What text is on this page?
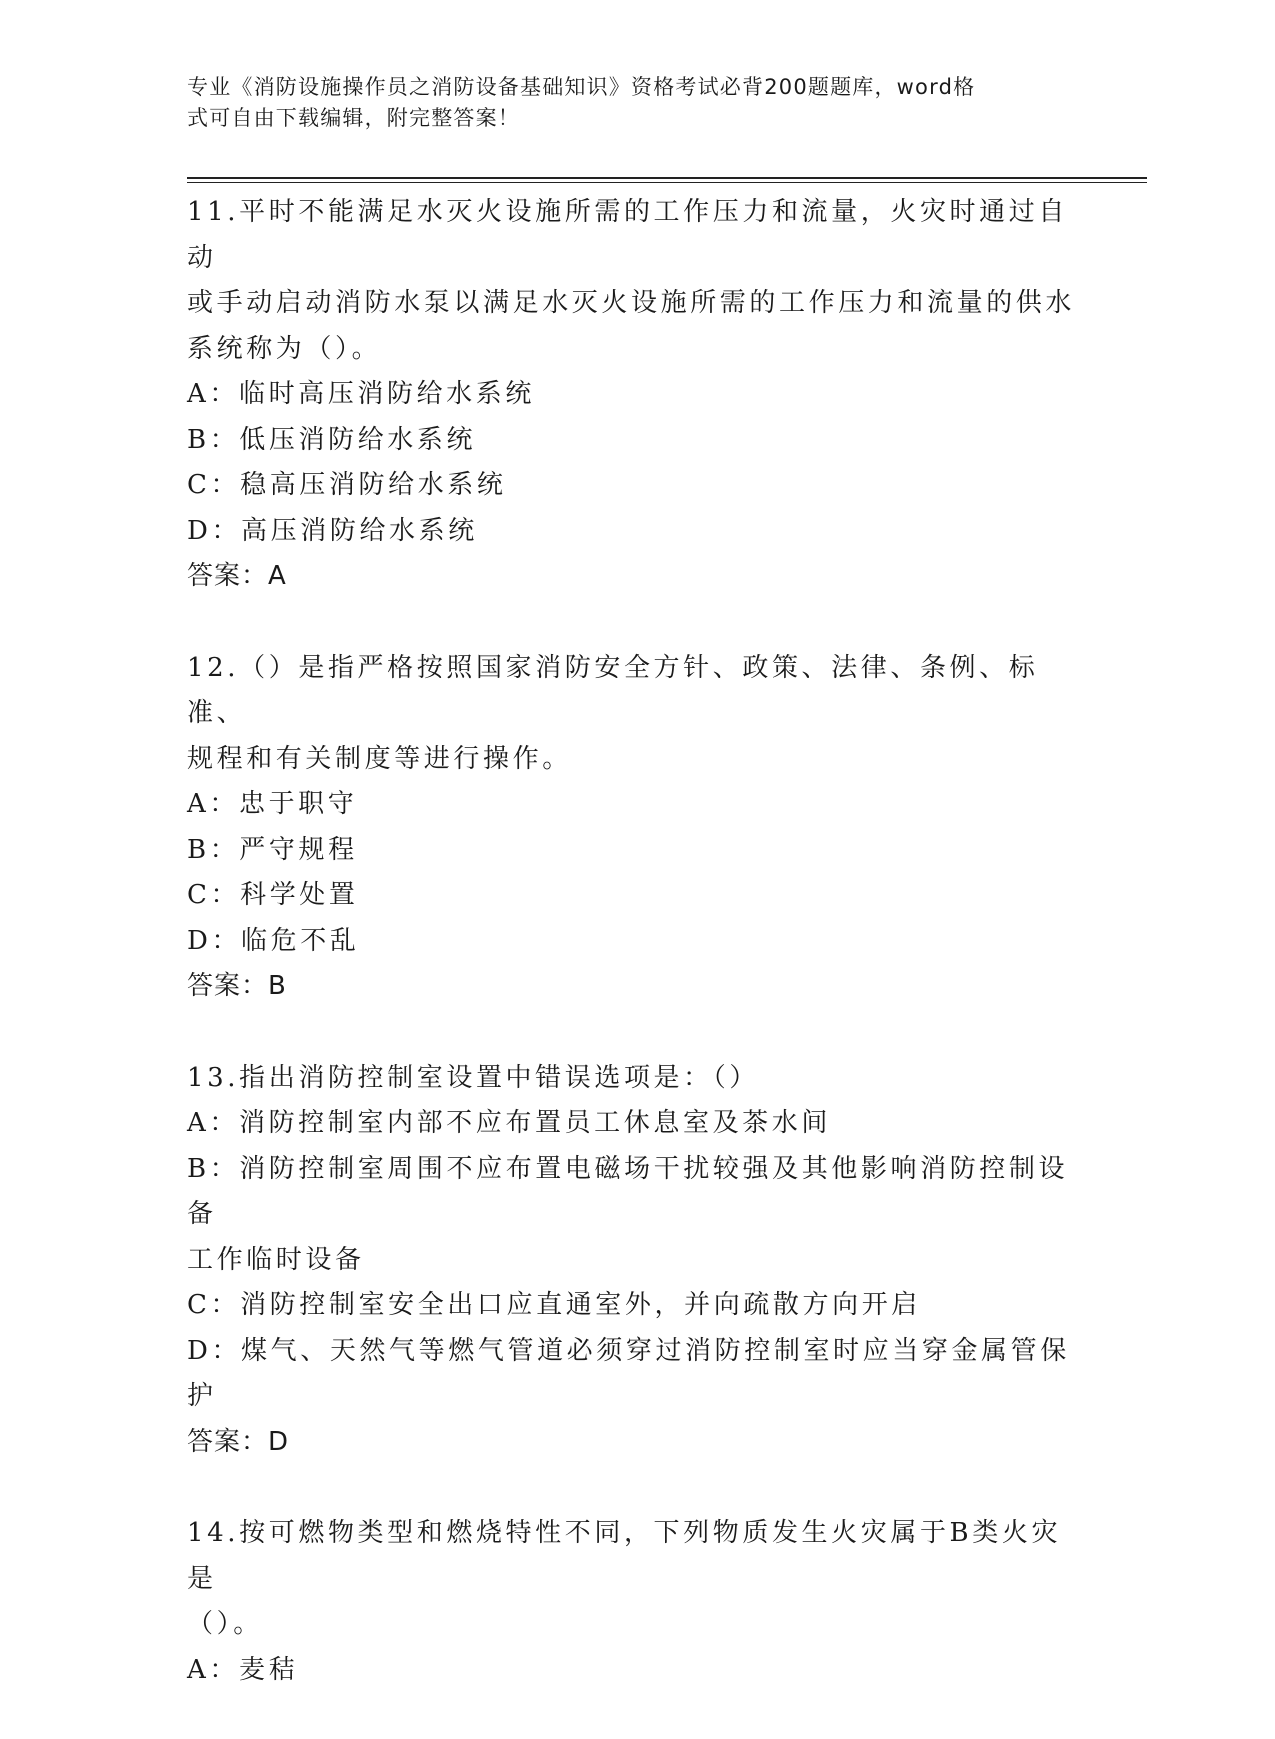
专业《消防设施操作员之消防设备基础知识》资格考试必背200题题库，word格
式可自由下载编辑，附完整答案！
11.平时不能满足水灭火设施所需的工作压力和流量，火灾时通过自动
或手动启动消防水泵以满足水灭火设施所需的工作压力和流量的供水
系统称为（）。
A：临时高压消防给水系统
B：低压消防给水系统
C：稳高压消防给水系统
D：高压消防给水系统
答案：A
12.（）是指严格按照国家消防安全方针、政策、法律、条例、标准、
规程和有关制度等进行操作。
A：忠于职守
B：严守规程
C：科学处置
D：临危不乱
答案：B
13.指出消防控制室设置中错误选项是：（）
A：消防控制室内部不应布置员工休息室及茶水间
B：消防控制室周围不应布置电磁场干扰较强及其他影响消防控制设备
工作临时设备
C：消防控制室安全出口应直通室外，并向疏散方向开启
D：煤气、天然气等燃气管道必须穿过消防控制室时应当穿金属管保护
答案：D
14.按可燃物类型和燃烧特性不同，下列物质发生火灾属于B类火灾是
（）。
A：麦秸
